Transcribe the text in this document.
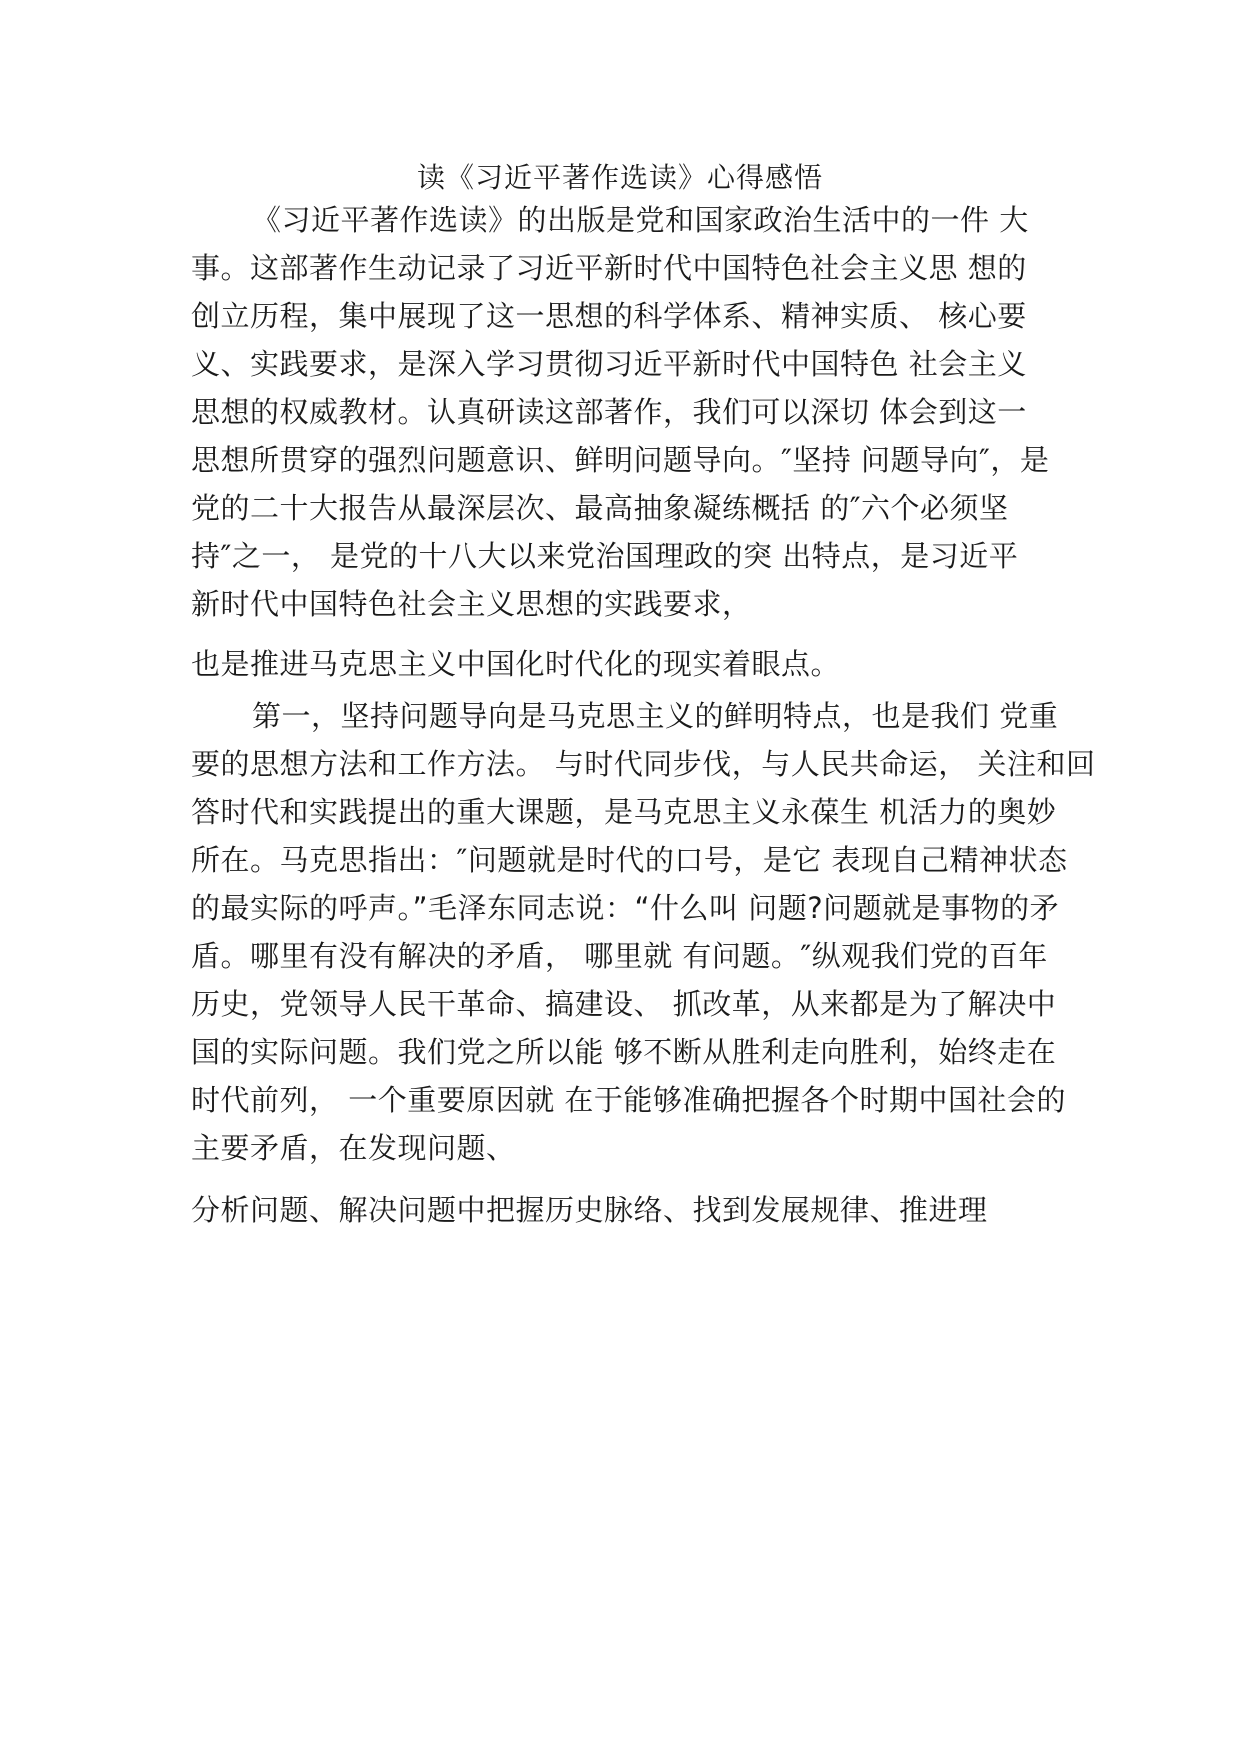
读《习近平著作选读》心得感悟
《习近平著作选读》的出版是党和国家政治生活中的一件 大
事。这部著作生动记录了习近平新时代中国特色社会主义思 想的
创立历程，集中展现了这一思想的科学体系、精神实质、 核心要
义、实践要求，是深入学习贯彻习近平新时代中国特色 社会主义
思想的权威教材。认真研读这部著作，我们可以深切 体会到这一
思想所贯穿的强烈问题意识、鲜明问题导向。″坚持 问题导向″，是
党的二十大报告从最深层次、最高抽象凝练概括 的″六个必须坚
持″之一， 是党的十八大以来党治国理政的突 出特点，是习近平
新时代中国特色社会主义思想的实践要求，
也是推进马克思主义中国化时代化的现实着眼点。
第一，坚持问题导向是马克思主义的鲜明特点，也是我们 党重
要的思想方法和工作方法。 与时代同步伐，与人民共命运， 关注和回
答时代和实践提出的重大课题，是马克思主义永葆生 机活力的奥妙
所在。马克思指出：″问题就是时代的口号，是它 表现自己精神状态
的最实际的呼声。”毛泽东同志说：“什么叫 问题?问题就是事物的矛
盾。哪里有没有解决的矛盾， 哪里就 有问题。″纵观我们党的百年
历史，党领导人民干革命、搞建设、 抓改革，从来都是为了解决中
国的实际问题。我们党之所以能 够不断从胜利走向胜利，始终走在
时代前列， 一个重要原因就 在于能够准确把握各个时期中国社会的
主要矛盾，在发现问题、
分析问题、解决问题中把握历史脉络、找到发展规律、推进理
